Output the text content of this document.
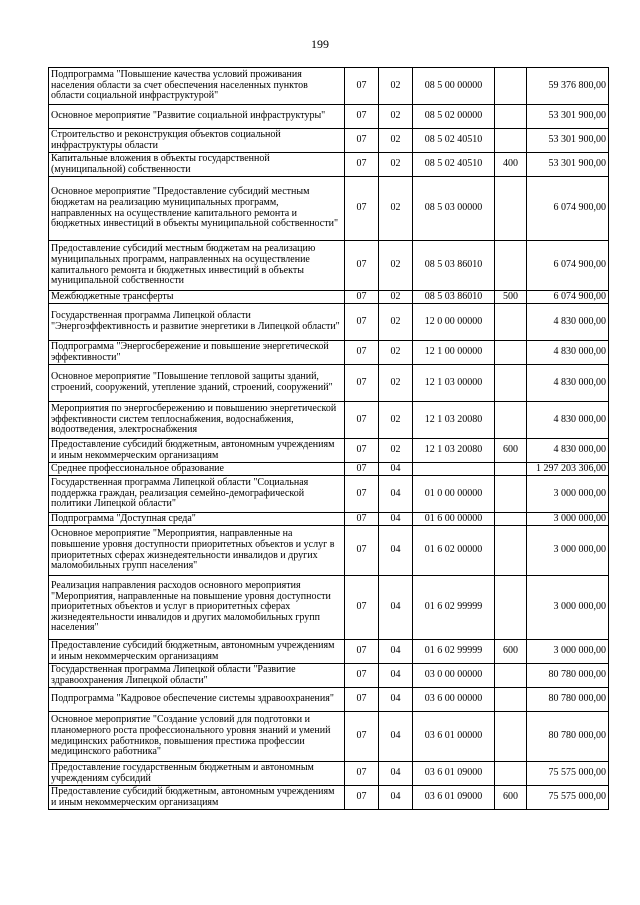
199
Подпрограмма "Повышение качества условий проживания населения области за счет обеспечения населенных пунктов области социальной инфраструктурой"	07	02	08 5 00 00000		59 376 800,00
Основное мероприятие "Развитие социальной инфраструктуры"	07	02	08 5 02 00000		53 301 900,00
Строительство и реконструкция объектов социальной инфраструктуры области	07	02	08 5 02 40510		53 301 900,00
Капитальные вложения в объекты государственной (муниципальной) собственности	07	02	08 5 02 40510	400	53 301 900,00
Основное мероприятие "Предоставление субсидий местным бюджетам на реализацию муниципальных программ, направленных на осуществление капитального ремонта и бюджетных инвестиций в объекты муниципальной собственности"	07	02	08 5 03 00000		6 074 900,00
Предоставление субсидий местным бюджетам на реализацию муниципальных программ, направленных на осуществление капитального ремонта и бюджетных инвестиций в объекты муниципальной собственности	07	02	08 5 03 86010		6 074 900,00
Межбюджетные трансферты	07	02	08 5 03 86010	500	6 074 900,00
Государственная программа Липецкой области "Энергоэффективность и развитие энергетики в Липецкой области"	07	02	12 0 00 00000		4 830 000,00
Подпрограмма "Энергосбережение и повышение энергетической эффективности"	07	02	12 1 00 00000		4 830 000,00
Основное мероприятие "Повышение тепловой защиты зданий, строений, сооружений, утепление зданий, строений, сооружений"	07	02	12 1 03 00000		4 830 000,00
Мероприятия по энергосбережению и повышению энергетической эффективности систем теплоснабжения, водоснабжения, водоотведения, электроснабжения	07	02	12 1 03 20080		4 830 000,00
Предоставление субсидий бюджетным, автономным учреждениям и иным некоммерческим организациям	07	02	12 1 03 20080	600	4 830 000,00
Среднее профессиональное образование	07	04			1 297 203 306,00
Государственная программа Липецкой области "Социальная поддержка граждан, реализация семейно-демографической политики Липецкой области"	07	04	01 0 00 00000		3 000 000,00
Подпрограмма "Доступная среда"	07	04	01 6 00 00000		3 000 000,00
Основное мероприятие "Мероприятия, направленные на повышение уровня доступности приоритетных объектов и услуг в приоритетных сферах жизнедеятельности инвалидов и других маломобильных групп населения"	07	04	01 6 02 00000		3 000 000,00
Реализация направления расходов основного мероприятия "Мероприятия, направленные на повышение уровня доступности приоритетных объектов и услуг в приоритетных сферах жизнедеятельности инвалидов и других маломобильных групп населения"	07	04	01 6 02 99999		3 000 000,00
Предоставление субсидий бюджетным, автономным учреждениям и иным некоммерческим организациям	07	04	01 6 02 99999	600	3 000 000,00
Государственная программа Липецкой области "Развитие здравоохранения Липецкой области"	07	04	03 0 00 00000		80 780 000,00
Подпрограмма "Кадровое обеспечение системы здравоохранения"	07	04	03 6 00 00000		80 780 000,00
Основное мероприятие "Создание условий для подготовки и планомерного роста профессионального уровня знаний и умений медицинских работников, повышения престижа профессии медицинского работника"	07	04	03 6 01 00000		80 780 000,00
Предоставление государственным бюджетным и автономным учреждениям субсидий	07	04	03 6 01 09000		75 575 000,00
Предоставление субсидий бюджетным, автономным учреждениям и иным некоммерческим организациям	07	04	03 6 01 09000	600	75 575 000,00
